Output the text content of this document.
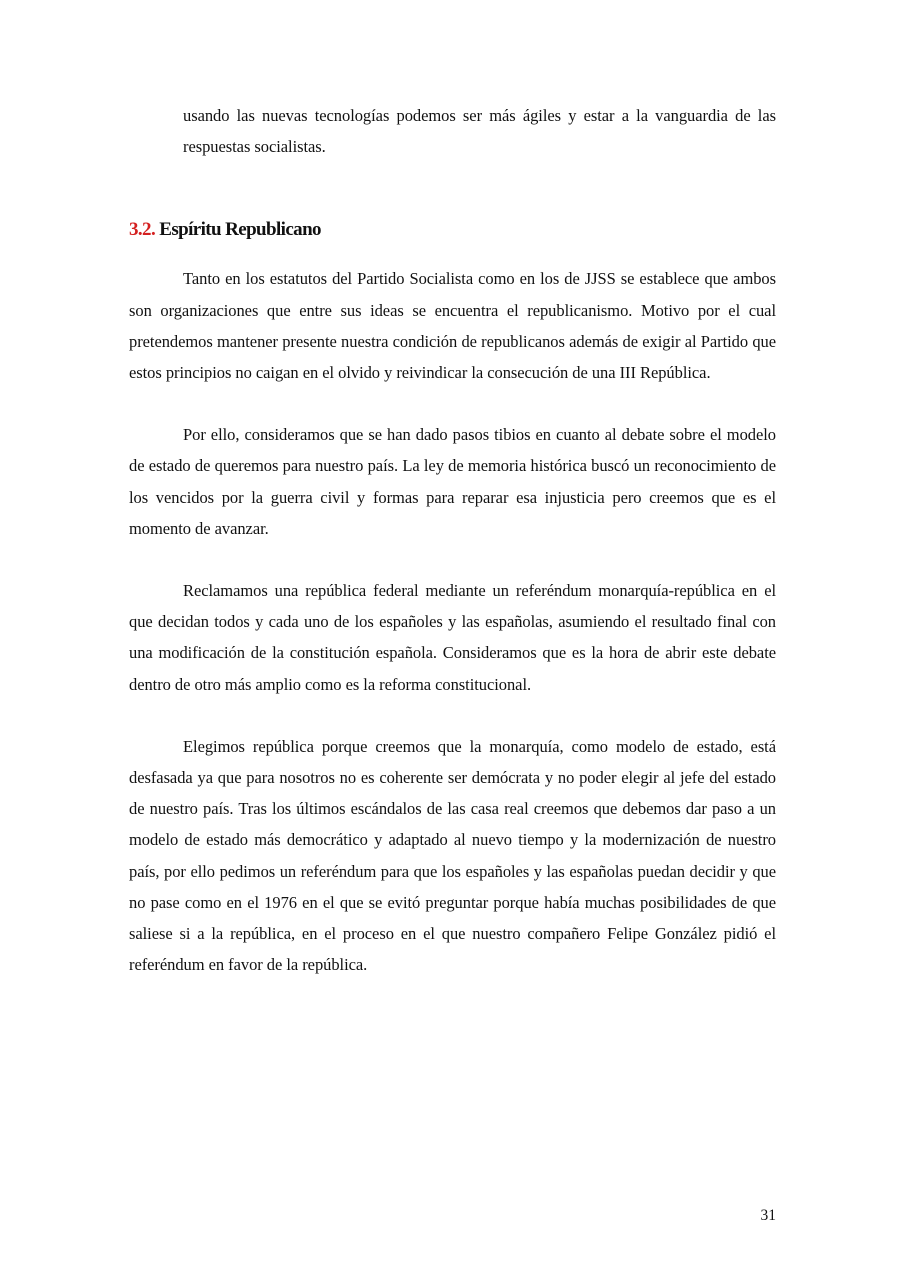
usando las nuevas tecnologías podemos ser más ágiles y estar a la vanguardia de las respuestas socialistas.

3.2. Espíritu Republicano

Tanto en los estatutos del Partido Socialista como en los de JJSS se establece que ambos son organizaciones que entre sus ideas se encuentra el republicanismo. Motivo por el cual pretendemos mantener presente nuestra condición de republicanos además de exigir al Partido que estos principios no caigan en el olvido y reivindicar la consecución de una III República.

Por ello, consideramos que se han dado pasos tibios en cuanto al debate sobre el modelo de estado de queremos para nuestro país. La ley de memoria histórica buscó un reconocimiento de los vencidos por la guerra civil y formas para reparar esa injusticia pero creemos que es el momento de avanzar.

Reclamamos una república federal mediante un referéndum monarquía-república en el que decidan todos y cada uno de los españoles y las españolas, asumiendo el resultado final con una modificación de la constitución española. Consideramos que es la hora de abrir este debate dentro de otro más amplio como es la reforma constitucional.

Elegimos república porque creemos que la monarquía, como modelo de estado, está desfasada ya que para nosotros no es coherente ser demócrata y no poder elegir al jefe del estado de nuestro país. Tras los últimos escándalos de las casa real creemos que debemos dar paso a un modelo de estado más democrático y adaptado al nuevo tiempo y la modernización de nuestro país, por ello pedimos un referéndum para que los españoles y las españolas puedan decidir y que no pase como en el 1976 en el que se evitó preguntar porque había muchas posibilidades de que saliese si a la república, en el proceso en el que nuestro compañero Felipe González pidió el referéndum en favor de la república.

31
